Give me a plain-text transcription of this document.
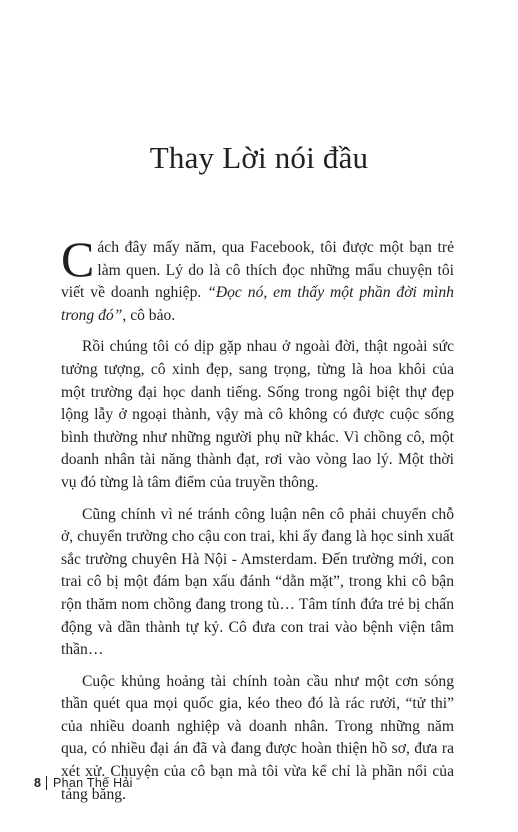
Thay Lời nói đầu

Cách đây mấy năm, qua Facebook, tôi được một bạn trẻ làm quen. Lý do là cô thích đọc những mẩu chuyện tôi viết về doanh nghiệp. “Đọc nó, em thấy một phần đời mình trong đó”, cô bảo.

Rồi chúng tôi có dịp gặp nhau ở ngoài đời, thật ngoài sức tưởng tượng, cô xinh đẹp, sang trọng, từng là hoa khôi của một trường đại học danh tiếng. Sống trong ngôi biệt thự đẹp lộng lẫy ở ngoại thành, vậy mà cô không có được cuộc sống bình thường như những người phụ nữ khác. Vì chồng cô, một doanh nhân tài năng thành đạt, rơi vào vòng lao lý. Một thời vụ đó từng là tâm điểm của truyền thông.

Cũng chính vì né tránh công luận nên cô phải chuyển chỗ ở, chuyển trường cho cậu con trai, khi ấy đang là học sinh xuất sắc trường chuyên Hà Nội - Amsterdam. Đến trường mới, con trai cô bị một đám bạn xấu đánh “dằn mặt”, trong khi cô bận rộn thăm nom chồng đang trong tù… Tâm tính đứa trẻ bị chấn động và dần thành tự kỷ. Cô đưa con trai vào bệnh viện tâm thần…

Cuộc khủng hoảng tài chính toàn cầu như một cơn sóng thần quét qua mọi quốc gia, kéo theo đó là rác rưởi, “tử thi” của nhiều doanh nghiệp và doanh nhân. Trong những năm qua, có nhiều đại án đã và đang được hoàn thiện hồ sơ, đưa ra xét xử. Chuyện của cô bạn mà tôi vừa kể chỉ là phần nổi của tảng băng.

8 Phan Thế Hải
